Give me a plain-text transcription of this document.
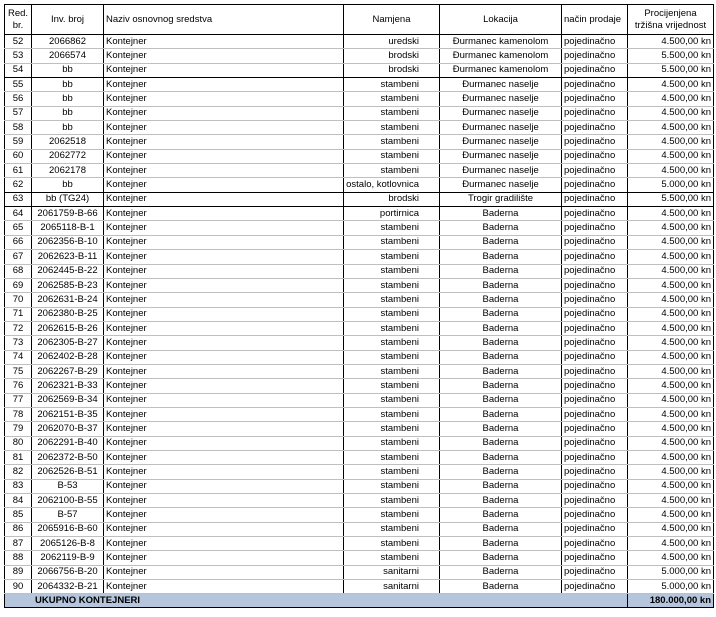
Red. br.	Inv. broj	Naziv osnovnog sredstva	Namjena	Lokacija	način prodaje	Procijenjena tržišna vrijednost
52	2066862	Kontejner	uredski	Đurmanec kamenolom	pojedinačno	4.500,00 kn
53	2066574	Kontejner	brodski	Đurmanec kamenolom	pojedinačno	5.500,00 kn
54	bb	Kontejner	brodski	Đurmanec kamenolom	pojedinačno	5.500,00 kn
55	bb	Kontejner	stambeni	Đurmanec naselje	pojedinačno	4.500,00 kn
56	bb	Kontejner	stambeni	Đurmanec naselje	pojedinačno	4.500,00 kn
57	bb	Kontejner	stambeni	Đurmanec naselje	pojedinačno	4.500,00 kn
58	bb	Kontejner	stambeni	Đurmanec naselje	pojedinačno	4.500,00 kn
59	2062518	Kontejner	stambeni	Đurmanec naselje	pojedinačno	4.500,00 kn
60	2062772	Kontejner	stambeni	Đurmanec naselje	pojedinačno	4.500,00 kn
61	2062178	Kontejner	stambeni	Đurmanec naselje	pojedinačno	4.500,00 kn
62	bb	Kontejner	ostalo, kotlovnica	Đurmanec naselje	pojedinačno	5.000,00 kn
63	bb (TG24)	Kontejner	brodski	Trogir gradilište	pojedinačno	5.500,00 kn
64	2061759-B-66	Kontejner	portirnica	Baderna	pojedinačno	4.500,00 kn
65	2065118-B-1	Kontejner	stambeni	Baderna	pojedinačno	4.500,00 kn
66	2062356-B-10	Kontejner	stambeni	Baderna	pojedinačno	4.500,00 kn
67	2062623-B-11	Kontejner	stambeni	Baderna	pojedinačno	4.500,00 kn
68	2062445-B-22	Kontejner	stambeni	Baderna	pojedinačno	4.500,00 kn
69	2062585-B-23	Kontejner	stambeni	Baderna	pojedinačno	4.500,00 kn
70	2062631-B-24	Kontejner	stambeni	Baderna	pojedinačno	4.500,00 kn
71	2062380-B-25	Kontejner	stambeni	Baderna	pojedinačno	4.500,00 kn
72	2062615-B-26	Kontejner	stambeni	Baderna	pojedinačno	4.500,00 kn
73	2062305-B-27	Kontejner	stambeni	Baderna	pojedinačno	4.500,00 kn
74	2062402-B-28	Kontejner	stambeni	Baderna	pojedinačno	4.500,00 kn
75	2062267-B-29	Kontejner	stambeni	Baderna	pojedinačno	4.500,00 kn
76	2062321-B-33	Kontejner	stambeni	Baderna	pojedinačno	4.500,00 kn
77	2062569-B-34	Kontejner	stambeni	Baderna	pojedinačno	4.500,00 kn
78	2062151-B-35	Kontejner	stambeni	Baderna	pojedinačno	4.500,00 kn
79	2062070-B-37	Kontejner	stambeni	Baderna	pojedinačno	4.500,00 kn
80	2062291-B-40	Kontejner	stambeni	Baderna	pojedinačno	4.500,00 kn
81	2062372-B-50	Kontejner	stambeni	Baderna	pojedinačno	4.500,00 kn
82	2062526-B-51	Kontejner	stambeni	Baderna	pojedinačno	4.500,00 kn
83	B-53	Kontejner	stambeni	Baderna	pojedinačno	4.500,00 kn
84	2062100-B-55	Kontejner	stambeni	Baderna	pojedinačno	4.500,00 kn
85	B-57	Kontejner	stambeni	Baderna	pojedinačno	4.500,00 kn
86	2065916-B-60	Kontejner	stambeni	Baderna	pojedinačno	4.500,00 kn
87	2065126-B-8	Kontejner	stambeni	Baderna	pojedinačno	4.500,00 kn
88	2062119-B-9	Kontejner	stambeni	Baderna	pojedinačno	4.500,00 kn
89	2066756-B-20	Kontejner	sanitarni	Baderna	pojedinačno	5.000,00 kn
90	2064332-B-21	Kontejner	sanitarni	Baderna	pojedinačno	5.000,00 kn
UKUPNO KONTEJNERI						180.000,00 kn
